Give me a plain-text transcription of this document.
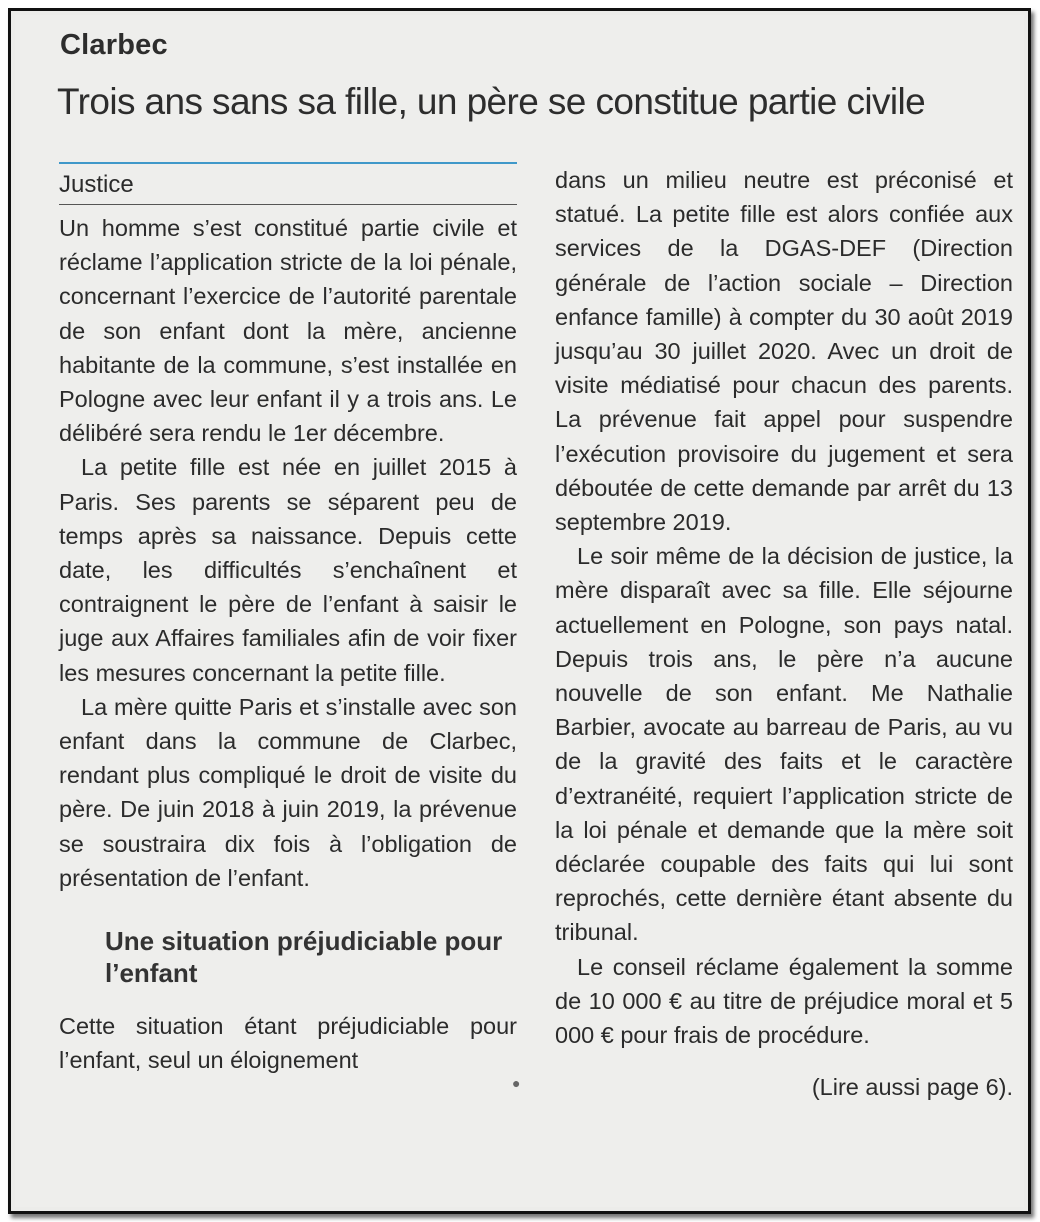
Clarbec
Trois ans sans sa fille, un père se constitue partie civile
Justice

Un homme s’est constitué partie civile et réclame l’application stricte de la loi pénale, concernant l’exercice de l’autorité parentale de son enfant dont la mère, ancienne habitante de la commune, s’est installée en Pologne avec leur enfant il y a trois ans. Le délibéré sera rendu le 1er décembre.

La petite fille est née en juillet 2015 à Paris. Ses parents se séparent peu de temps après sa naissance. Depuis cette date, les difficultés s’enchaînent et contraignent le père de l’enfant à saisir le juge aux Affaires familiales afin de voir fixer les mesures concernant la petite fille.

La mère quitte Paris et s’installe avec son enfant dans la commune de Clarbec, rendant plus compliqué le droit de visite du père. De juin 2018 à juin 2019, la prévenue se soustraira dix fois à l’obligation de présentation de l’enfant.

Une situation préjudiciable pour l’enfant

Cette situation étant préjudiciable pour l’enfant, seul un éloignement

dans un milieu neutre est préconisé et statué. La petite fille est alors confiée aux services de la DGAS-DEF (Direction générale de l’action sociale – Direction enfance famille) à compter du 30 août 2019 jusqu’au 30 juillet 2020. Avec un droit de visite médiatisé pour chacun des parents. La prévenue fait appel pour suspendre l’exécution provisoire du jugement et sera déboutée de cette demande par arrêt du 13 septembre 2019.

Le soir même de la décision de justice, la mère disparaît avec sa fille. Elle séjourne actuellement en Pologne, son pays natal. Depuis trois ans, le père n’a aucune nouvelle de son enfant. Me Nathalie Barbier, avocate au barreau de Paris, au vu de la gravité des faits et le caractère d’extranéité, requiert l’application stricte de la loi pénale et demande que la mère soit déclarée coupable des faits qui lui sont reprochés, cette dernière étant absente du tribunal.

Le conseil réclame également la somme de 10 000 € au titre de préjudice moral et 5 000 € pour frais de procédure.

(Lire aussi page 6).

●
